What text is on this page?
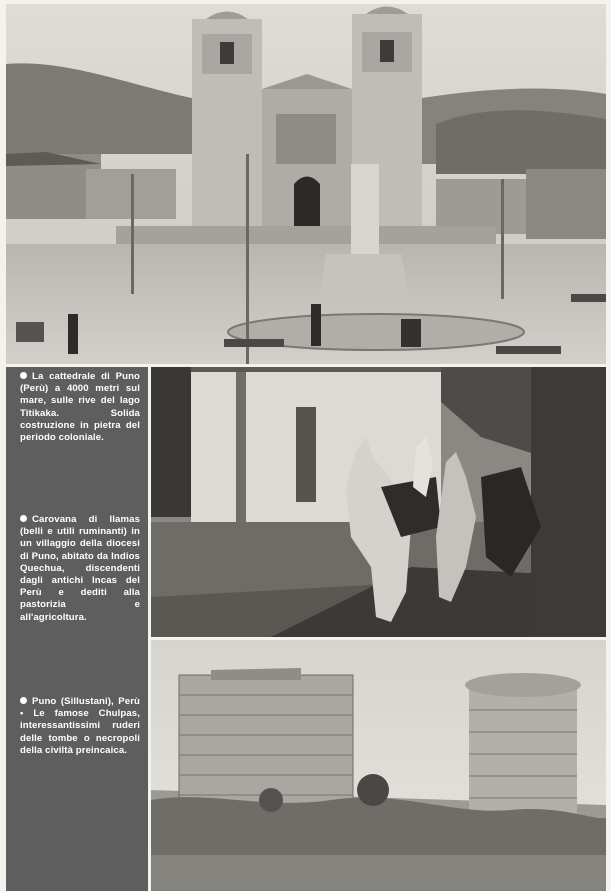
La cattedrale di Puno (Perù) a 4000 metri sul mare, sulle rive del lago Titikaka. Solida costruzione in pietra del periodo coloniale.
Carovana di llamas (belli e utili ruminanti) in un villaggio della diocesi di Puno, abitato da Indios Quechua, discendenti dagli antichi Incas del Perù e dediti alla pastorizia e all'agricoltura.
Puno (Sillustani), Perù • Le famose Chulpas, interessantissimi ruderi delle tombe o necropoli della civiltà preincaica.
